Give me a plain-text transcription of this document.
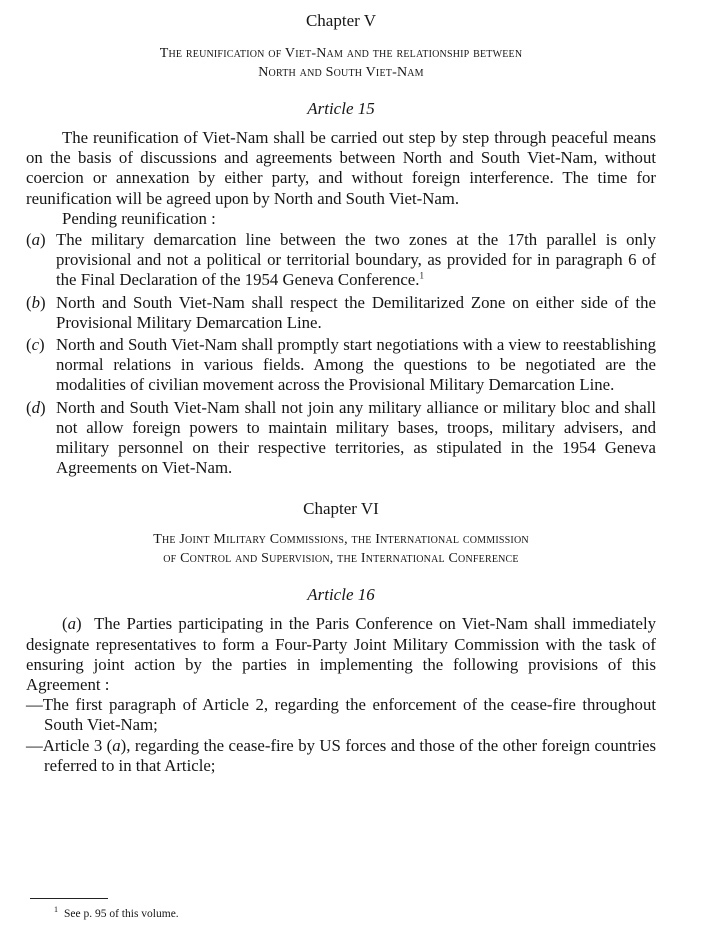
Chapter V
The reunification of Viet-Nam and the relationship between
North and South Viet-Nam
Article 15

The reunification of Viet-Nam shall be carried out step by step through peaceful means on the basis of discussions and agreements between North and South Viet-Nam, without coercion or annexation by either party, and without foreign interference. The time for reunification will be agreed upon by North and South Viet-Nam.

Pending reunification :

(a) The military demarcation line between the two zones at the 17th parallel is only provisional and not a political or territorial boundary, as provided for in paragraph 6 of the Final Declaration of the 1954 Geneva Conference.$^1$

(b) North and South Viet-Nam shall respect the Demilitarized Zone on either side of the Provisional Military Demarcation Line.

(c) North and South Viet-Nam shall promptly start negotiations with a view to reestablishing normal relations in various fields. Among the questions to be negotiated are the modalities of civilian movement across the Provisional Military Demarcation Line.

(d) North and South Viet-Nam shall not join any military alliance or military bloc and shall not allow foreign powers to maintain military bases, troops, military advisers, and military personnel on their respective territories, as stipulated in the 1954 Geneva Agreements on Viet-Nam.

Chapter VI
The Joint Military Commissions, the International commission
of Control and Supervision, the International Conference
Article 16

(a)  The Parties participating in the Paris Conference on Viet-Nam shall immediately designate representatives to form a Four-Party Joint Military Commission with the task of ensuring joint action by the parties in implementing the following provisions of this Agreement :

—The first paragraph of Article 2, regarding the enforcement of the cease-fire throughout South Viet-Nam;

—Article 3 (a), regarding the cease-fire by US forces and those of the other foreign countries referred to in that Article;

$^1$ See p. 95 of this volume.
